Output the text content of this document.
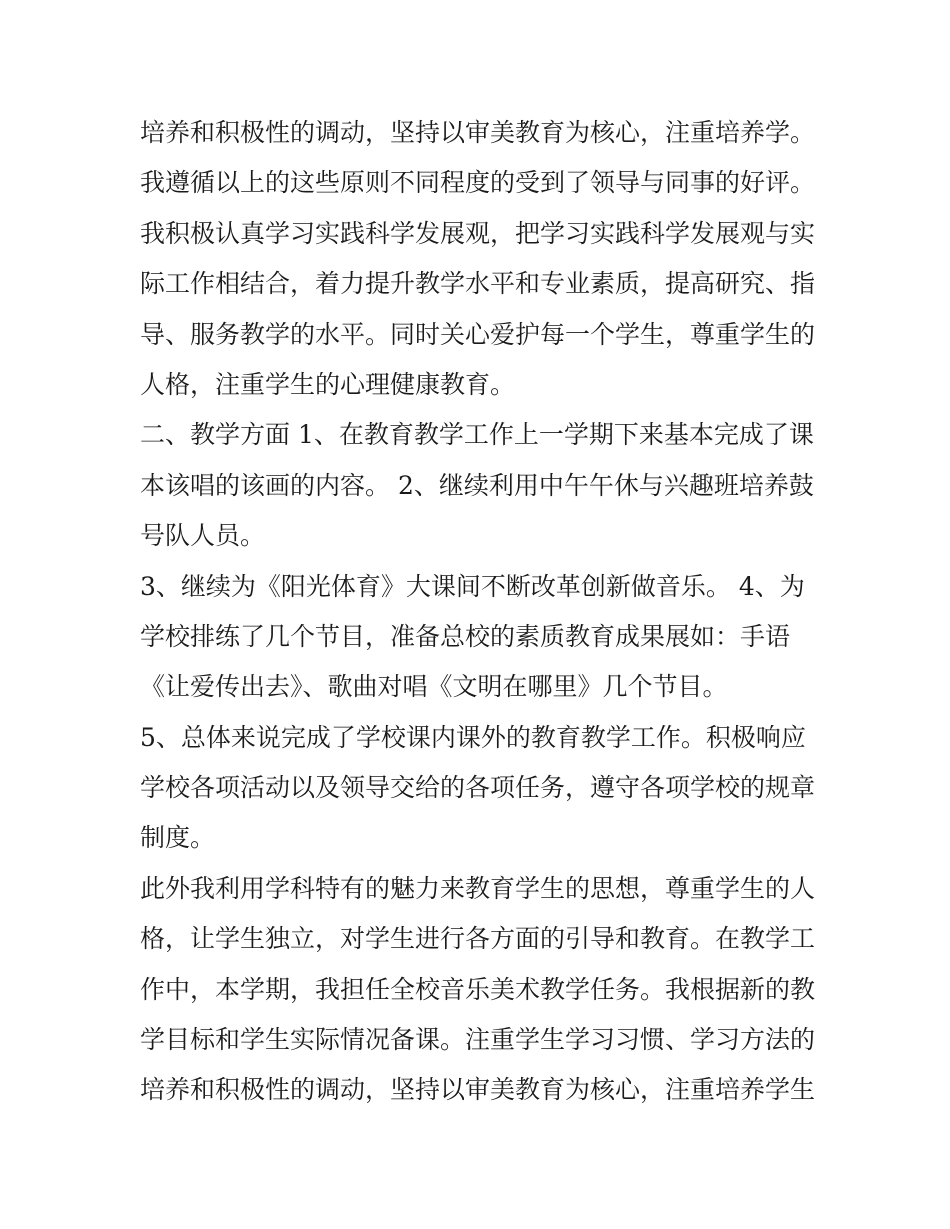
培养和积极性的调动，坚持以审美教育为核心，注重培养学。
我遵循以上的这些原则不同程度的受到了领导与同事的好评。
我积极认真学习实践科学发展观，把学习实践科学发展观与实
际工作相结合，着力提升教学水平和专业素质，提高研究、指
导、服务教学的水平。同时关心爱护每一个学生，尊重学生的
人格，注重学生的心理健康教育。
二、教学方面 1、在教育教学工作上一学期下来基本完成了课
本该唱的该画的内容。 2、继续利用中午午休与兴趣班培养鼓
号队人员。
3、继续为《阳光体育》大课间不断改革创新做音乐。 4、为
学校排练了几个节目，准备总校的素质教育成果展如：手语
《让爱传出去》、歌曲对唱《文明在哪里》几个节目。
5、总体来说完成了学校课内课外的教育教学工作。积极响应
学校各项活动以及领导交给的各项任务，遵守各项学校的规章
制度。
此外我利用学科特有的魅力来教育学生的思想，尊重学生的人
格，让学生独立，对学生进行各方面的引导和教育。在教学工
作中，本学期，我担任全校音乐美术教学任务。我根据新的教
学目标和学生实际情况备课。注重学生学习习惯、学习方法的
培养和积极性的调动，坚持以审美教育为核心，注重培养学生
